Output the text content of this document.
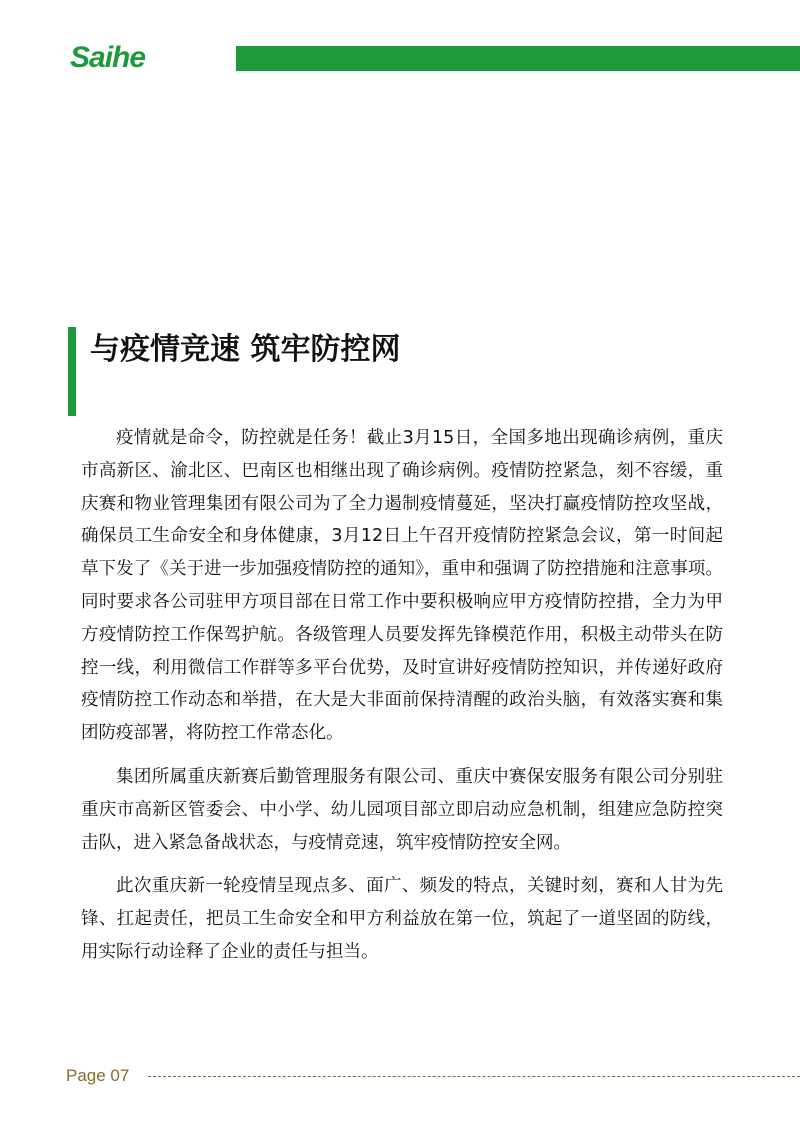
Saihe
与疫情竞速 筑牢防控网

疫情就是命令，防控就是任务！截止3月15日，全国多地出现确诊病例，重庆市高新区、渝北区、巴南区也相继出现了确诊病例。疫情防控紧急，刻不容缓，重庆赛和物业管理集团有限公司为了全力遏制疫情蔓延，坚决打赢疫情防控攻坚战，确保员工生命安全和身体健康，3月12日上午召开疫情防控紧急会议，第一时间起草下发了《关于进一步加强疫情防控的通知》，重申和强调了防控措施和注意事项。同时要求各公司驻甲方项目部在日常工作中要积极响应甲方疫情防控措，全力为甲方疫情防控工作保驾护航。各级管理人员要发挥先锋模范作用，积极主动带头在防控一线，利用微信工作群等多平台优势，及时宣讲好疫情防控知识，并传递好政府疫情防控工作动态和举措，在大是大非面前保持清醒的政治头脑，有效落实赛和集团防疫部署，将防控工作常态化。

集团所属重庆新赛后勤管理服务有限公司、重庆中赛保安服务有限公司分别驻重庆市高新区管委会、中小学、幼儿园项目部立即启动应急机制，组建应急防控突击队，进入紧急备战状态，与疫情竞速，筑牢疫情防控安全网。

此次重庆新一轮疫情呈现点多、面广、频发的特点，关键时刻，赛和人甘为先锋、扛起责任，把员工生命安全和甲方利益放在第一位，筑起了一道坚固的防线，用实际行动诠释了企业的责任与担当。

Page 07
